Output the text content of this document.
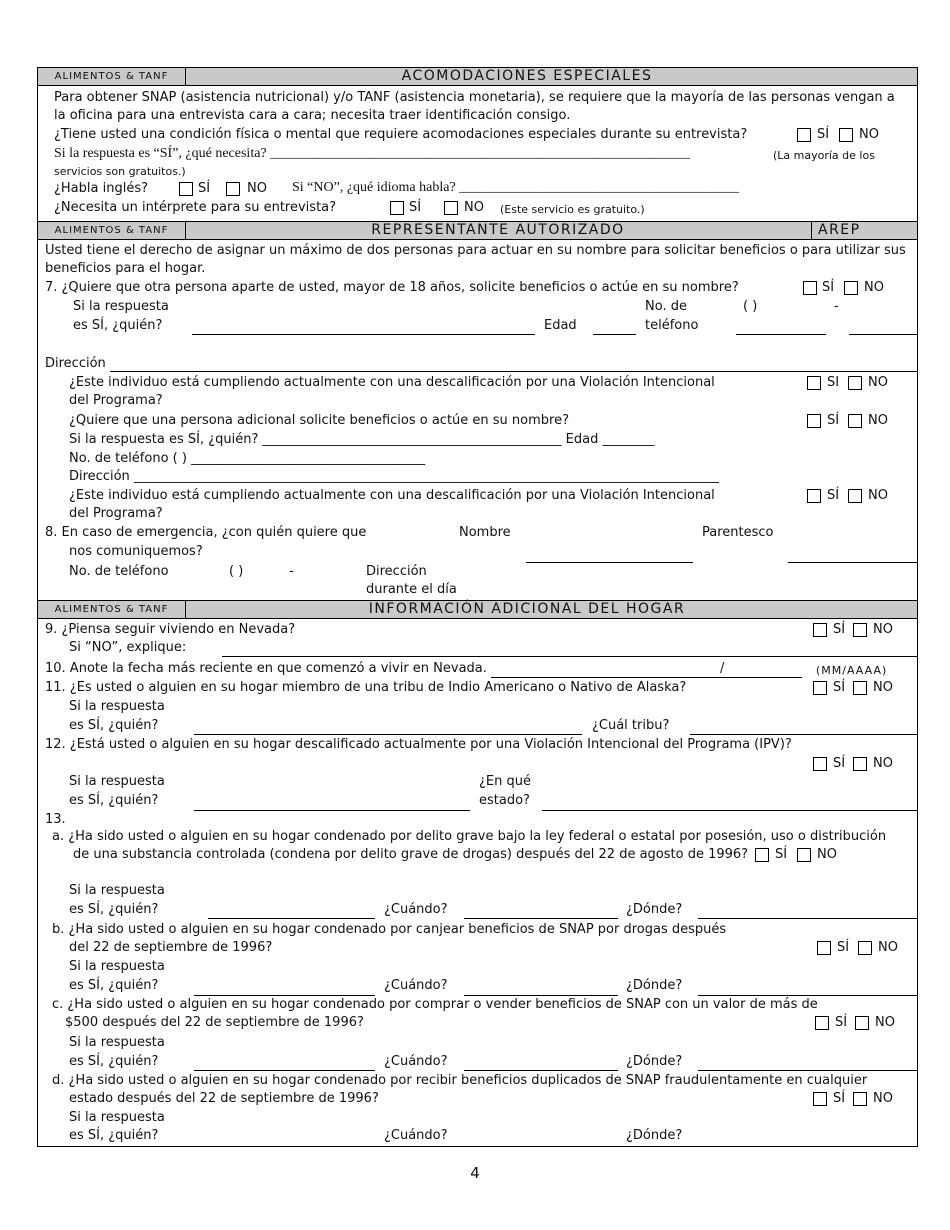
ALIMENTOS & TANF	ACOMODACIONES ESPECIALES
Para obtener SNAP (asistencia nutricional) y/o TANF (asistencia monetaria), se requiere que la mayoría de las personas vengan a
la oficina para una entrevista cara a cara; necesita traer identificación consigo.
¿Tiene usted una condición física o mental que requiere acomodaciones especiales durante su entrevista?	SÍ NO
Si la respuesta es “SÍ”, ¿qué necesita? ____________________________________________________________	(La mayoría de los
servicios son gratuitos.)
¿Habla inglés?	SÍ	NO Si “NO”, ¿qué idioma habla? ________________________________________
¿Necesita un intérprete para su entrevista?	SÍ	NO (Este servicio es gratuito.)
ALIMENTOS & TANF	REPRESENTANTE AUTORIZADO	AREP
Usted tiene el derecho de asignar un máximo de dos personas para actuar en su nombre para solicitar beneficios o para utilizar sus
beneficios para el hogar.
7. ¿Quiere que otra persona aparte de usted, mayor de 18 años, solicite beneficios o actúe en su nombre?	SÍ NO
Si la respuesta
es SÍ, ¿quién?	Edad
No. de
teléfono
( )	-
Dirección
¿Este individuo está cumpliendo actualmente con una descalificación por una Violación Intencional
del Programa?
SI NO
¿Quiere que una persona adicional solicite beneficios o actúe en su nombre?	SÍ NO
Si la respuesta es SÍ, ¿quién? ______________________________________________ Edad ________
No. de teléfono ( ) ____________________________________
Dirección __________________________________________________________________________________________
¿Este individuo está cumpliendo actualmente con una descalificación por una Violación Intencional
del Programa?
SÍ NO
8. En caso de emergencia, ¿con quién quiere que
nos comuniquemos?
Nombre	Parentesco
No. de teléfono	( )	-	Dirección
durante el día
ALIMENTOS & TANF	INFORMACIÓN ADICIONAL DEL HOGAR
9. ¿Piensa seguir viviendo en Nevada?	SÍ NO
Si “NO”, explique:
10. Anote la fecha más reciente en que comenzó a vivir en Nevada.	/	(MM/AAAA)
11. ¿Es usted o alguien en su hogar miembro de una tribu de Indio Americano o Nativo de Alaska?	SÍ NO
Si la respuesta
es SÍ, ¿quién?	¿Cuál tribu?
12. ¿Está usted o alguien en su hogar descalificado actualmente por una Violación Intencional del Programa (IPV)?
SÍ NO
Si la respuesta
es SÍ, ¿quién?
¿En qué
estado?
13.
a. ¿Ha sido usted o alguien en su hogar condenado por delito grave bajo la ley federal o estatal por posesión, uso o distribución
de una substancia controlada (condena por delito grave de drogas) después del 22 de agosto de 1996? SÍ NO
Si la respuesta
es SÍ, ¿quién?	¿Cuándo?	¿Dónde?
b. ¿Ha sido usted o alguien en su hogar condenado por canjear beneficios de SNAP por drogas después
del 22 de septiembre de 1996?	SÍ NO
Si la respuesta
es SÍ, ¿quién?	¿Cuándo?	¿Dónde?
c. ¿Ha sido usted o alguien en su hogar condenado por comprar o vender beneficios de SNAP con un valor de más de
$500 después del 22 de septiembre de 1996?	SÍ NO
Si la respuesta
es SÍ, ¿quién?	¿Cuándo?	¿Dónde?
d. ¿Ha sido usted o alguien en su hogar condenado por recibir beneficios duplicados de SNAP fraudulentamente en cualquier
estado después del 22 de septiembre de 1996?	SÍ NO
Si la respuesta
es SÍ, ¿quién?	¿Cuándo?	¿Dónde?
4
